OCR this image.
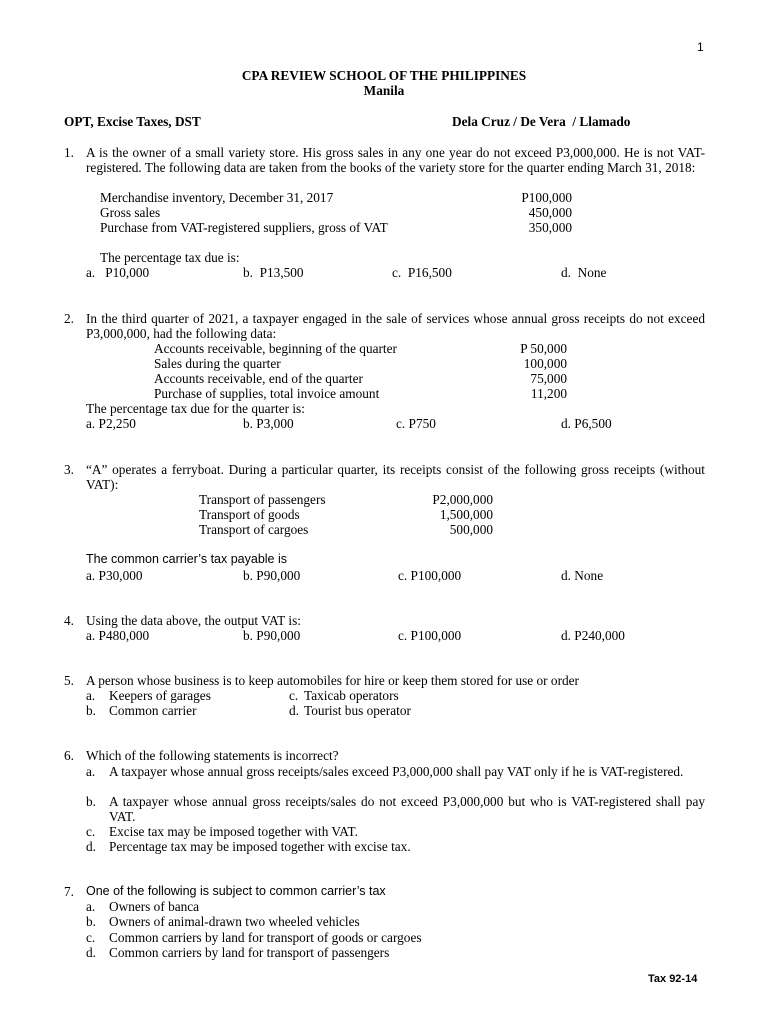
1
CPA REVIEW SCHOOL OF THE PHILIPPINES
Manila
OPT, Excise Taxes, DST	Dela Cruz / De Vera  / Llamado
1. A is the owner of a small variety store. His gross sales in any one year do not exceed P3,000,000. He is not VAT-registered. The following data are taken from the books of the variety store for the quarter ending March 31, 2018:
Merchandise inventory, December 31, 2017	P100,000
Gross sales	450,000
Purchase from VAT-registered suppliers, gross of VAT	350,000
The percentage tax due is:
a.   P10,000	b.  P13,500	c.  P16,500	d.  None
2. In the third quarter of 2021, a taxpayer engaged in the sale of services whose annual gross receipts do not exceed P3,000,000, had the following data:
Accounts receivable, beginning of the quarter	P 50,000
Sales during the quarter	100,000
Accounts receivable, end of the quarter	75,000
Purchase of supplies, total invoice amount	11,200
The percentage tax due for the quarter is:
a. P2,250	b. P3,000	c. P750	d. P6,500
3. “A” operates a ferryboat. During a particular quarter, its receipts consist of the following gross receipts (without VAT):
Transport of passengers	P2,000,000
Transport of goods	1,500,000
Transport of cargoes	500,000
The common carrier’s tax payable is
a. P30,000	b. P90,000	c. P100,000	d. None
4. Using the data above, the output VAT is:
a. P480,000	b. P90,000	c. P100,000	d. P240,000
5. A person whose business is to keep automobiles for hire or keep them stored for use or order
a. Keepers of garages	c. Taxicab operators
b. Common carrier	d. Tourist bus operator
6. Which of the following statements is incorrect?
a. A taxpayer whose annual gross receipts/sales exceed P3,000,000 shall pay VAT only if he is VAT-registered.
b. A taxpayer whose annual gross receipts/sales do not exceed P3,000,000 but who is VAT-registered shall pay VAT.
c. Excise tax may be imposed together with VAT.
d. Percentage tax may be imposed together with excise tax.
7. One of the following is subject to common carrier’s tax
a. Owners of banca
b. Owners of animal-drawn two wheeled vehicles
c. Common carriers by land for transport of goods or cargoes
d. Common carriers by land for transport of passengers
Tax 92-14
